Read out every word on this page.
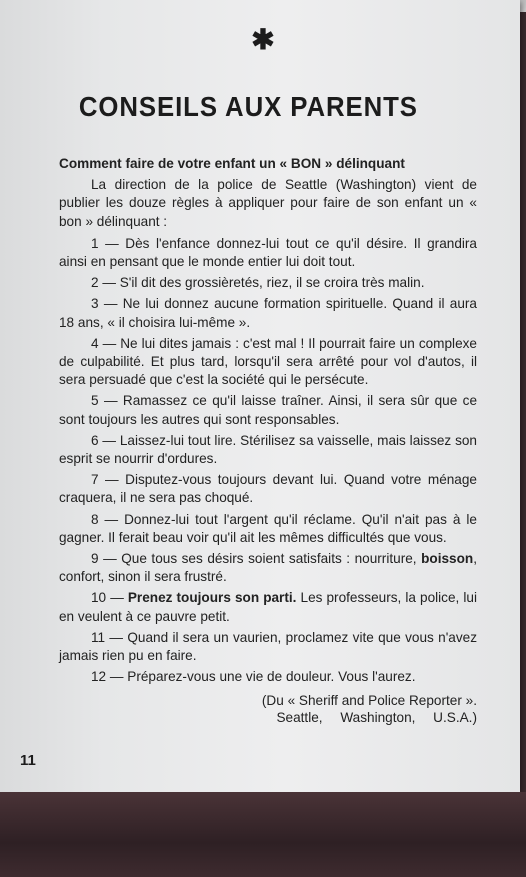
✱
CONSEILS AUX PARENTS
Comment faire de votre enfant un « BON » délinquant

La direction de la police de Seattle (Washington) vient de publier les douze règles à appliquer pour faire de son enfant un « bon » délinquant :

1 — Dès l'enfance donnez-lui tout ce qu'il désire. Il grandira ainsi en pensant que le monde entier lui doit tout.

2 — S'il dit des grossièretés, riez, il se croira très malin.

3 — Ne lui donnez aucune formation spirituelle. Quand il aura 18 ans, « il choisira lui-même ».

4 — Ne lui dites jamais : c'est mal ! Il pourrait faire un complexe de culpabilité. Et plus tard, lorsqu'il sera arrêté pour vol d'autos, il sera persuadé que c'est la société qui le persécute.

5 — Ramassez ce qu'il laisse traîner. Ainsi, il sera sûr que ce sont toujours les autres qui sont responsables.

6 — Laissez-lui tout lire. Stérilisez sa vaisselle, mais laissez son esprit se nourrir d'ordures.

7 — Disputez-vous toujours devant lui. Quand votre ménage craquera, il ne sera pas choqué.

8 — Donnez-lui tout l'argent qu'il réclame. Qu'il n'ait pas à le gagner. Il ferait beau voir qu'il ait les mêmes difficultés que vous.

9 — Que tous ses désirs soient satisfaits : nourriture, boisson, confort, sinon il sera frustré.

10 — Prenez toujours son parti. Les professeurs, la police, lui en veulent à ce pauvre petit.

11 — Quand il sera un vaurien, proclamez vite que vous n'avez jamais rien pu en faire.

12 — Préparez-vous une vie de douleur. Vous l'aurez.

(Du « Sheriff and Police Reporter ».
Seattle, Washington, U.S.A.)
11
